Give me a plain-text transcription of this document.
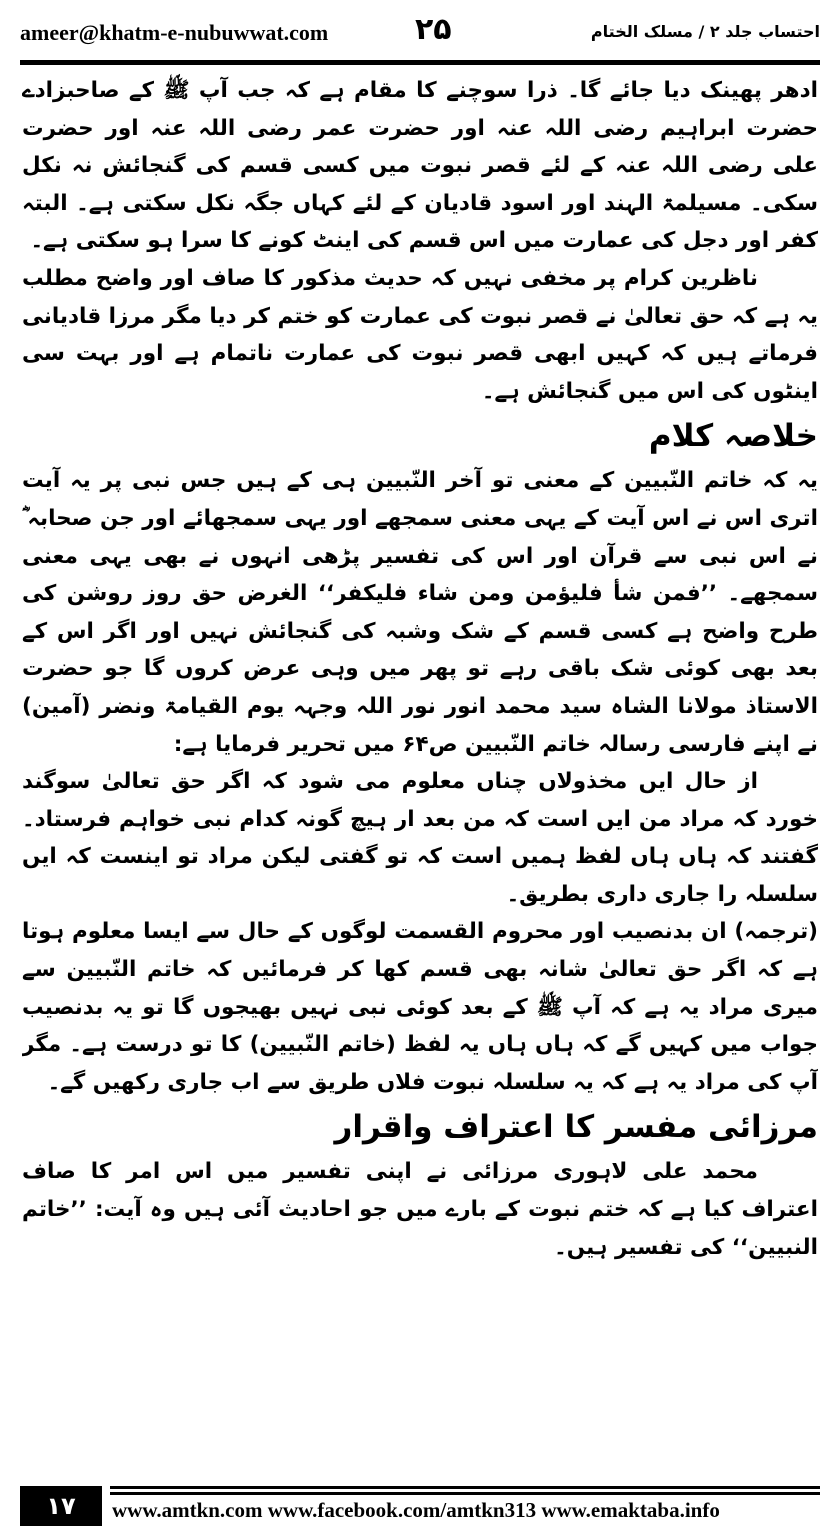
ameer@khatm-e-nubuwwat.com	۲۵	احتساب جلد ۲ / مسلک الختام

ادھر پھینک دیا جائے گا۔ ذرا سوچنے کا مقام ہے کہ جب آپ ﷺ کے صاحبزادے حضرت ابراہیم رضی اللہ عنہ اور حضرت عمر رضی اللہ عنہ اور حضرت علی رضی اللہ عنہ کے لئے قصر نبوت میں کسی قسم کی گنجائش نہ نکل سکی۔ مسیلمۃ الہند اور اسود قادیان کے لئے کہاں جگہ نکل سکتی ہے۔ البتہ کفر اور دجل کی عمارت میں اس قسم کی اینٹ کونے کا سرا ہو سکتی ہے۔

ناظرین کرام پر مخفی نہیں کہ حدیث مذکور کا صاف اور واضح مطلب یہ ہے کہ حق تعالیٰ نے قصر نبوت کی عمارت کو ختم کر دیا مگر مرزا قادیانی فرماتے ہیں کہ کہیں ابھی قصر نبوت کی عمارت ناتمام ہے اور بہت سی اینٹوں کی اس میں گنجائش ہے۔

خلاصہ کلام

یہ کہ خاتم النّبیین کے معنی تو آخر النّبیین ہی کے ہیں جس نبی پر یہ آیت اتری اس نے اس آیت کے یہی معنی سمجھے اور یہی سمجھائے اور جن صحابہ ؓ نے اس نبی سے قرآن اور اس کی تفسیر پڑھی انہوں نے بھی یہی معنی سمجھے۔ ’’فمن شأ فلیؤمن ومن شاء فلیکفر‘‘ الغرض حق روز روشن کی طرح واضح ہے کسی قسم کے شک وشبہ کی گنجائش نہیں اور اگر اس کے بعد بھی کوئی شک باقی رہے تو پھر میں وہی عرض کروں گا جو حضرت الاستاذ مولانا الشاہ سید محمد انور نور اللہ وجہہ یوم القیامۃ ونضر (آمین) نے اپنے فارسی رسالہ خاتم النّبیین ص۶۴ میں تحریر فرمایا ہے:

از حال ایں مخذولاں چناں معلوم می شود کہ اگر حق تعالیٰ سوگند خورد کہ مراد من ایں است کہ من بعد ار ہیچ گونہ کدام نبی خواہم فرستاد۔ گفتند کہ ہاں ہاں لفظ ہمیں است کہ تو گفتی لیکن مراد تو اینست کہ ایں سلسلہ را جاری داری بطریق۔

(ترجمہ) ان بدنصیب اور محروم القسمت لوگوں کے حال سے ایسا معلوم ہوتا ہے کہ اگر حق تعالیٰ شانہ بھی قسم کھا کر فرمائیں کہ خاتم النّبیین سے میری مراد یہ ہے کہ آپ ﷺ کے بعد کوئی نبی نہیں بھیجوں گا تو یہ بدنصیب جواب میں کہیں گے کہ ہاں ہاں یہ لفظ (خاتم النّبیین) کا تو درست ہے۔ مگر آپ کی مراد یہ ہے کہ یہ سلسلہ نبوت فلاں طریق سے اب جاری رکھیں گے۔

مرزائی مفسر کا اعتراف واقرار

محمد علی لاہوری مرزائی نے اپنی تفسیر میں اس امر کا صاف اعتراف کیا ہے کہ ختم نبوت کے بارے میں جو احادیث آئی ہیں وہ آیت: ’’خاتم النبیین‘‘ کی تفسیر ہیں۔

۱۷	www.amtkn.com www.facebook.com/amtkn313 www.emaktaba.info
